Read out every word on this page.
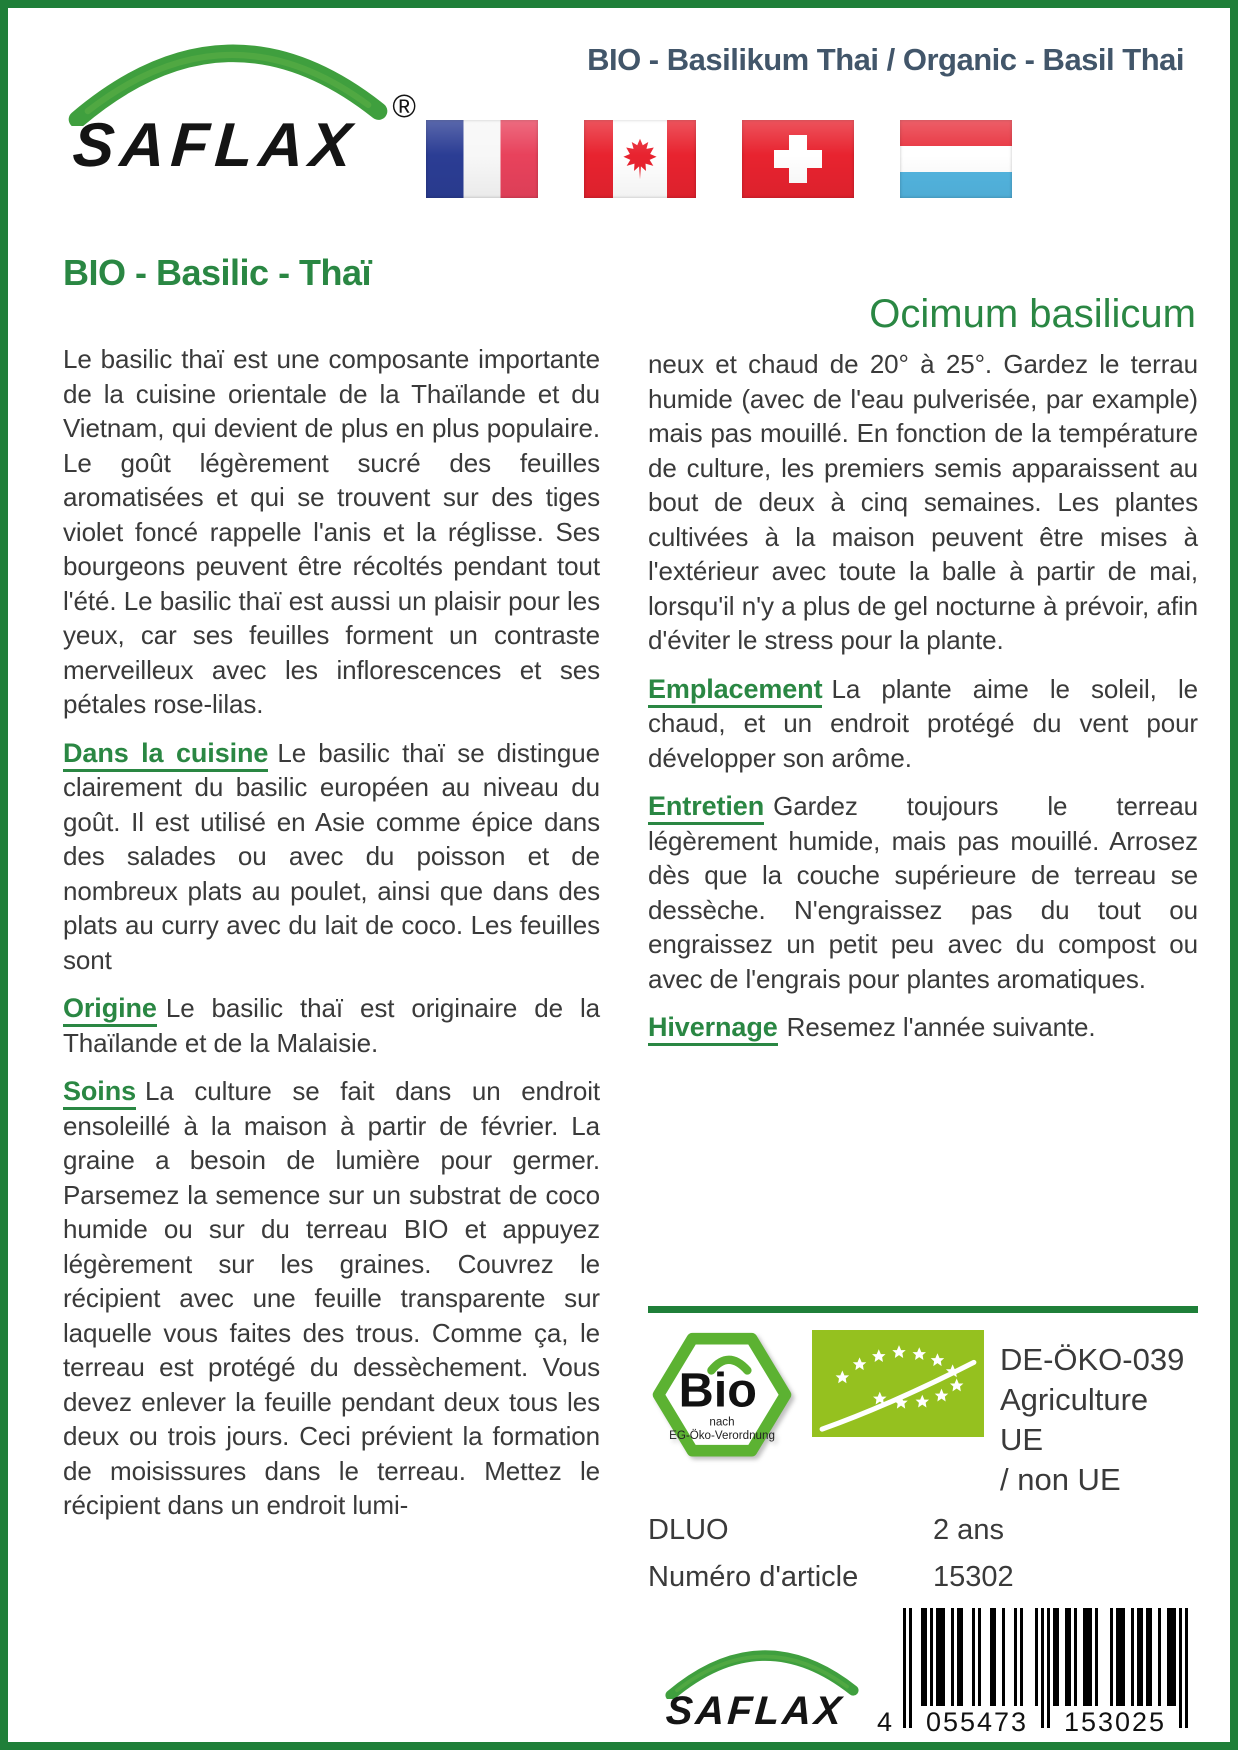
BIO - Basilikum Thai / Organic - Basil Thai
®
SAFLAX
BIO - Basilic - Thaï

Le basilic thaï est une composante importante de la cuisine orientale de la Thaïlande et du Vietnam, qui devient de plus en plus populaire. Le goût légèrement sucré des feuilles aromatisées et qui se trouvent sur des tiges violet foncé rappelle l'anis et la réglisse. Ses bourgeons peuvent être récoltés pendant tout l'été. Le basilic thaï est aussi un plaisir pour les yeux, car ses feuilles forment un contraste merveilleux avec les inflorescences et ses pétales rose-lilas.

Dans la cuisine Le basilic thaï se distingue clairement du basilic européen au niveau du goût. Il est utilisé en Asie comme épice dans des salades ou avec du poisson et de nombreux plats au poulet, ainsi que dans des plats au curry avec du lait de coco. Les feuilles sont

Origine Le basilic thaï est originaire de la Thaïlande et de la Malaisie.

Soins La culture se fait dans un endroit ensoleillé à la maison à partir de février. La graine a besoin de lumière pour germer. Parsemez la semence sur un substrat de coco humide ou sur du terreau BIO et appuyez légèrement sur les graines. Couvrez le récipient avec une feuille transparente sur laquelle vous faites des trous. Comme ça, le terreau est protégé du dessèchement. Vous devez enlever la feuille pendant deux tous les deux ou trois jours. Ceci prévient la formation de moisissures dans le terreau. Mettez le récipient dans un endroit lumi-

Ocimum basilicum

neux et chaud de 20° à 25°. Gardez le terrau humide (avec de l'eau pulverisée, par example) mais pas mouillé. En fonction de la température de culture, les premiers semis apparaissent au bout de deux à cinq semaines. Les plantes cultivées à la maison peuvent être mises à l'extérieur avec toute la balle à partir de mai, lorsqu'il n'y a plus de gel nocturne à prévoir, afin d'éviter le stress pour la plante.

Emplacement La plante aime le soleil, le chaud, et un endroit protégé du vent pour développer son arôme.

Entretien Gardez toujours le terreau légèrement humide, mais pas mouillé. Arrosez dès que la couche supérieure de terreau se dessèche. N'engraissez pas du tout ou engraissez un petit peu avec du compost ou avec de l'engrais pour plantes aromatiques.

Hivernage Resemez l'année suivante.

Bio
nach
EG-Öko-Verordnung
DE-ÖKO-039
Agriculture UE
/ non UE
DLUO	2 ans
Numéro d'article	15302
SAFLAX	4	055473	153025
